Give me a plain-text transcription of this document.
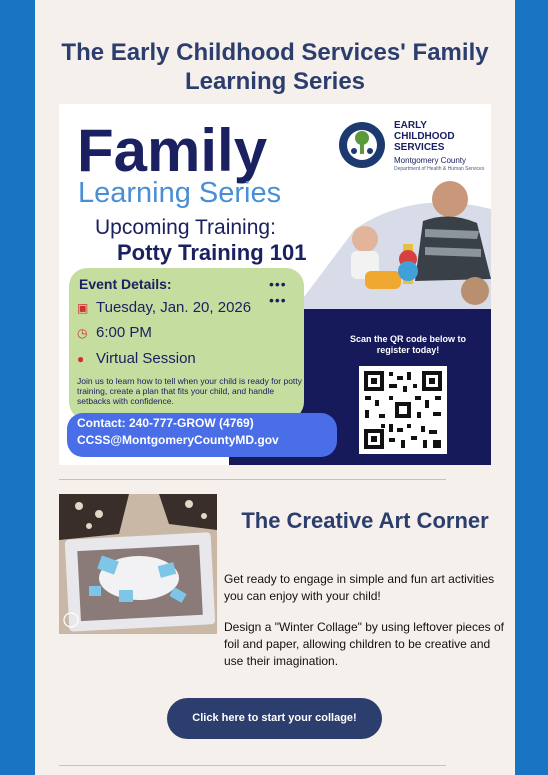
The Early Childhood Services' Family Learning Series
Family
Learning Series
Upcoming Training:
Potty Training 101
EARLY
CHILDHOOD
SERVICES
Montgomery County
Department of Health & Human Services
Scan the QR code below to register today!
Event Details:	•••
•••
▣ Tuesday, Jan. 20, 2026
◷ 6:00 PM
● Virtual Session
Join us to learn how to tell when your child is ready for potty training, create a plan that fits your child, and handle setbacks with confidence.
Contact: 240-777-GROW (4769)
CCSS@MontgomeryCountyMD.gov
The Creative Art Corner
Get ready to engage in simple and fun art activities you can enjoy with your child!
Design a "Winter Collage" by using leftover pieces of foil and paper, allowing children to be creative and use their imagination.
Click here to start your collage!
